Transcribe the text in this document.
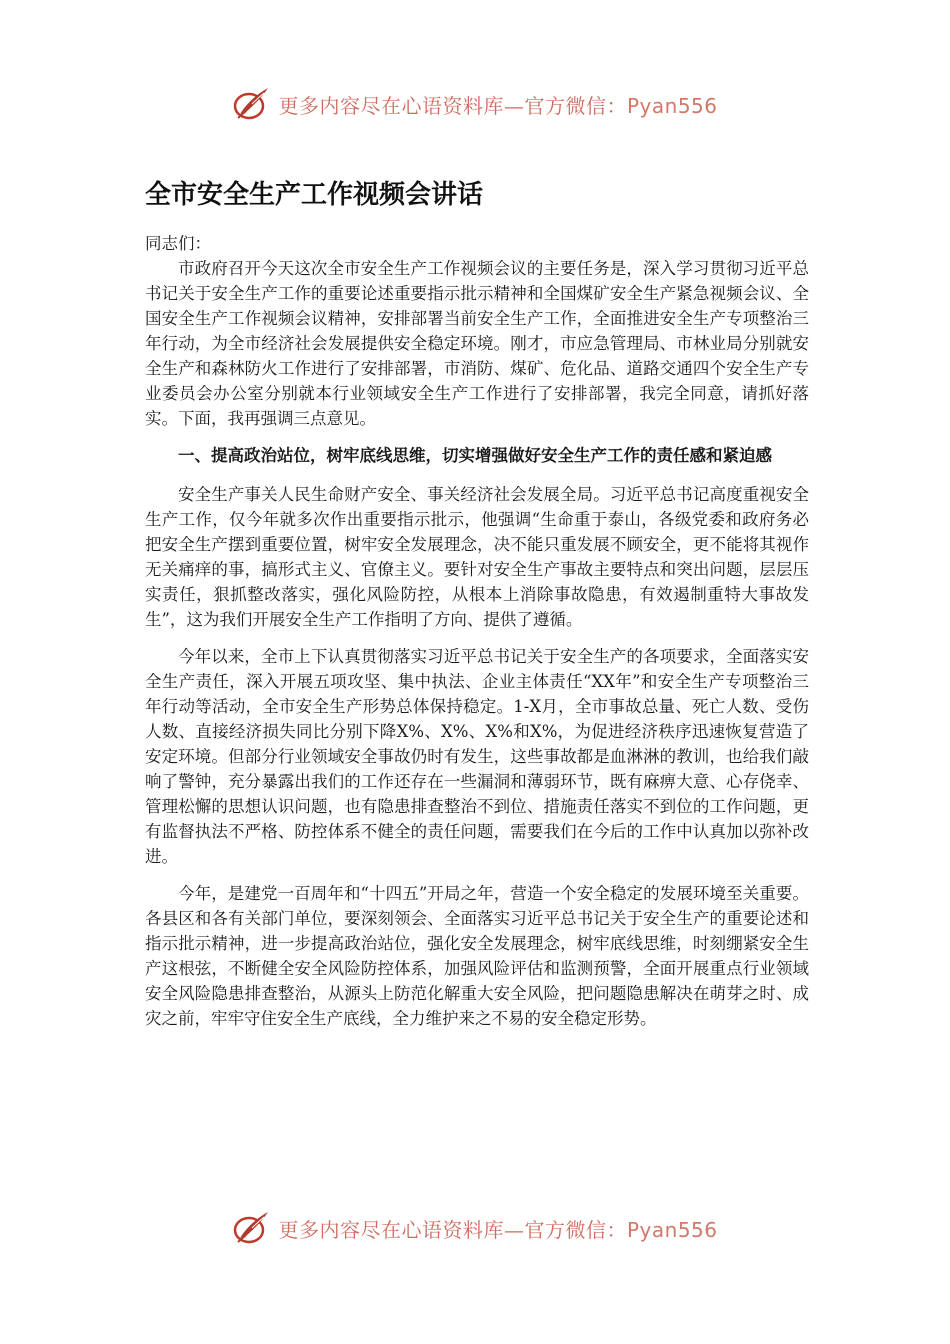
更多内容尽在心语资料库—官方微信：Pyan556
全市安全生产工作视频会讲话

同志们：

市政府召开今天这次全市安全生产工作视频会议的主要任务是，深入学习贯彻习近平总书记关于安全生产工作的重要论述重要指示批示精神和全国煤矿安全生产紧急视频会议、全国安全生产工作视频会议精神，安排部署当前安全生产工作，全面推进安全生产专项整治三年行动，为全市经济社会发展提供安全稳定环境。刚才，市应急管理局、市林业局分别就安全生产和森林防火工作进行了安排部署，市消防、煤矿、危化品、道路交通四个安全生产专业委员会办公室分别就本行业领域安全生产工作进行了安排部署，我完全同意，请抓好落实。下面，我再强调三点意见。

一、提高政治站位，树牢底线思维，切实增强做好安全生产工作的责任感和紧迫感

安全生产事关人民生命财产安全、事关经济社会发展全局。习近平总书记高度重视安全生产工作，仅今年就多次作出重要指示批示，他强调“生命重于泰山，各级党委和政府务必把安全生产摆到重要位置，树牢安全发展理念，决不能只重发展不顾安全，更不能将其视作无关痛痒的事，搞形式主义、官僚主义。要针对安全生产事故主要特点和突出问题，层层压实责任，狠抓整改落实，强化风险防控，从根本上消除事故隐患，有效遏制重特大事故发生”，这为我们开展安全生产工作指明了方向、提供了遵循。

今年以来，全市上下认真贯彻落实习近平总书记关于安全生产的各项要求，全面落实安全生产责任，深入开展五项攻坚、集中执法、企业主体责任“XX年”和安全生产专项整治三年行动等活动，全市安全生产形势总体保持稳定。1-X月，全市事故总量、死亡人数、受伤人数、直接经济损失同比分别下降X%、X%、X%和X%，为促进经济秩序迅速恢复营造了安定环境。但部分行业领域安全事故仍时有发生，这些事故都是血淋淋的教训，也给我们敲响了警钟，充分暴露出我们的工作还存在一些漏洞和薄弱环节，既有麻痹大意、心存侥幸、管理松懈的思想认识问题，也有隐患排查整治不到位、措施责任落实不到位的工作问题，更有监督执法不严格、防控体系不健全的责任问题，需要我们在今后的工作中认真加以弥补改进。

今年，是建党一百周年和“十四五”开局之年，营造一个安全稳定的发展环境至关重要。各县区和各有关部门单位，要深刻领会、全面落实习近平总书记关于安全生产的重要论述和指示批示精神，进一步提高政治站位，强化安全发展理念，树牢底线思维，时刻绷紧安全生产这根弦，不断健全安全风险防控体系，加强风险评估和监测预警，全面开展重点行业领域安全风险隐患排查整治，从源头上防范化解重大安全风险，把问题隐患解决在萌芽之时、成灾之前，牢牢守住安全生产底线，全力维护来之不易的安全稳定形势。

更多内容尽在心语资料库—官方微信：Pyan556
